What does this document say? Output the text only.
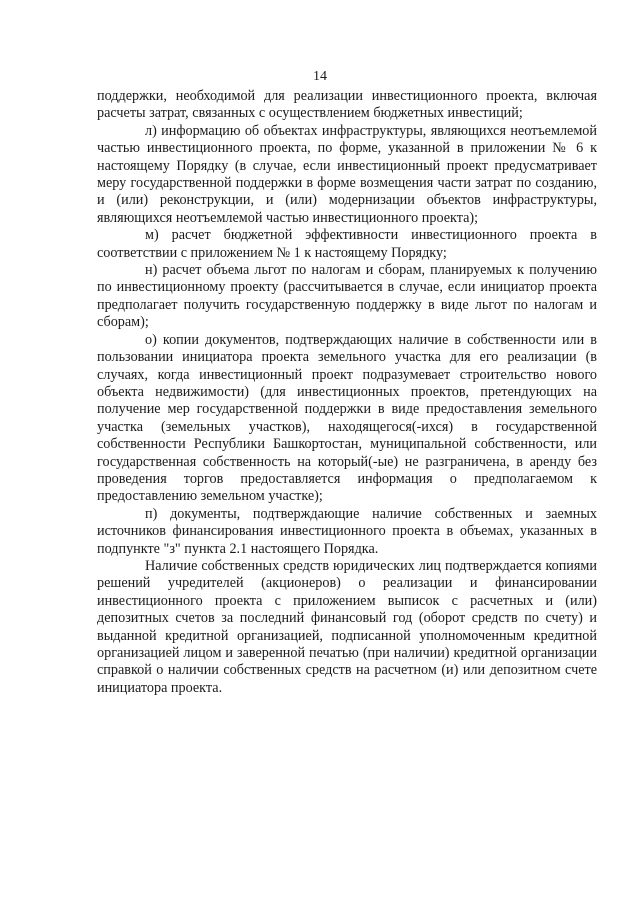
14

поддержки, необходимой для реализации инвестиционного проекта, включая расчеты затрат, связанных с осуществлением бюджетных инвестиций;

л) информацию об объектах инфраструктуры, являющихся неотъемлемой частью инвестиционного проекта, по форме, указанной в приложении № 6 к настоящему Порядку (в случае, если инвестиционный проект предусматривает меру государственной поддержки в форме возмещения части затрат по созданию, и (или) реконструкции, и (или) модернизации объектов инфраструктуры, являющихся неотъемлемой частью инвестиционного проекта);

м) расчет бюджетной эффективности инвестиционного проекта в соответствии с приложением № 1 к настоящему Порядку;

н) расчет объема льгот по налогам и сборам, планируемых к получению по инвестиционному проекту (рассчитывается в случае, если инициатор проекта предполагает получить государственную поддержку в виде льгот по налогам и сборам);

о) копии документов, подтверждающих наличие в собственности или в пользовании инициатора проекта земельного участка для его реализации (в случаях, когда инвестиционный проект подразумевает строительство нового объекта недвижимости) (для инвестиционных проектов, претендующих на получение мер государственной поддержки в виде предоставления земельного участка (земельных участков), находящегося(-ихся) в государственной собственности Республики Башкортостан, муниципальной собственности, или государственная собственность на который(-ые) не разграничена, в аренду без проведения торгов предоставляется информация о предполагаемом к предоставлению земельном участке);

п) документы, подтверждающие наличие собственных и заемных источников финансирования инвестиционного проекта в объемах, указанных в подпункте "з" пункта 2.1 настоящего Порядка.

Наличие собственных средств юридических лиц подтверждается копиями решений учредителей (акционеров) о реализации и финансировании инвестиционного проекта с приложением выписок с расчетных и (или) депозитных счетов за последний финансовый год (оборот средств по счету) и выданной кредитной организацией, подписанной уполномоченным кредитной организацией лицом и заверенной печатью (при наличии) кредитной организации справкой о наличии собственных средств на расчетном (и) или депозитном счете инициатора проекта.
